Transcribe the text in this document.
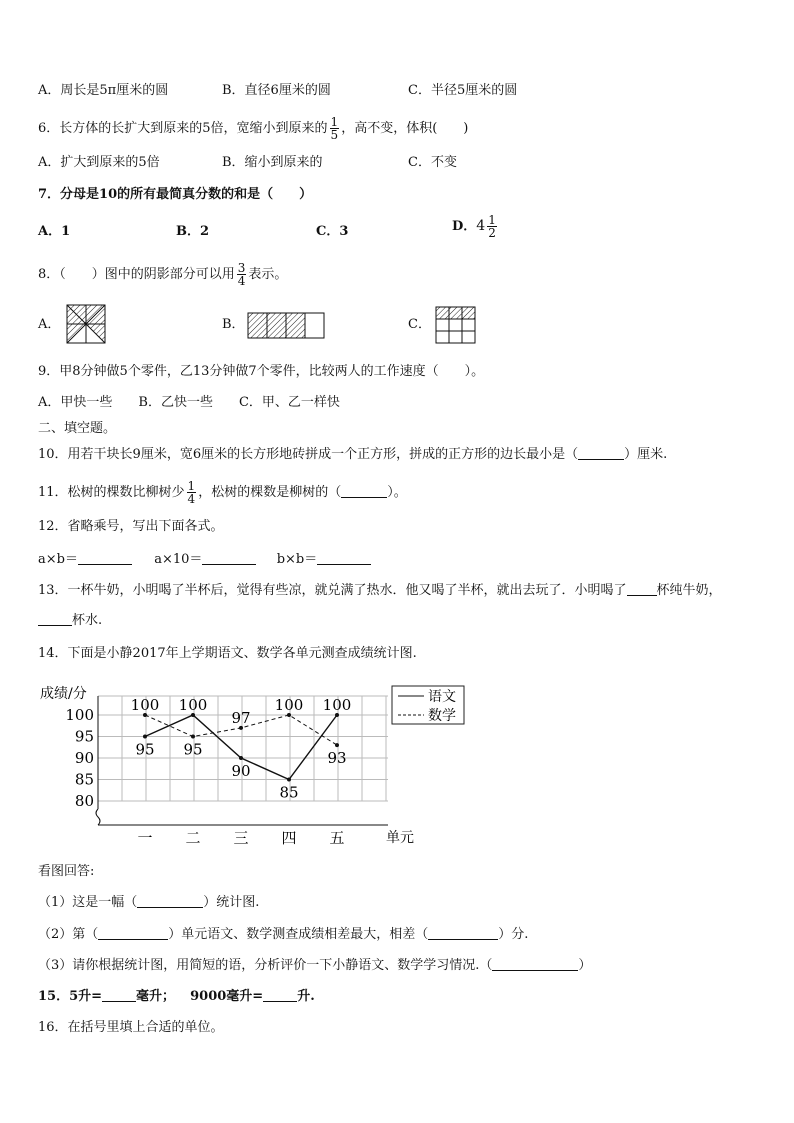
A．周长是5π厘米的圆	B．直径6厘米的圆	C．半径5厘米的圆
6．长方体的长扩大到原来的5倍，宽缩小到原来的 $\frac{1}{5}$ ，高不变，体积(　　)
A．扩大到原来的5倍	B．缩小到原来的	C．不变
7．分母是10的所有最简真分数的和是（　　）
A．1	B．2	C．3	D．$4 \frac{1}{2}$
8．（　　）图中的阴影部分可以用 $\frac{3}{4}$ 表示。
A．	B．	C．
9．甲8分钟做5个零件，乙13分钟做7个零件，比较两人的工作速度（　　）。
A．甲快一些　　B．乙快一些　　C．甲、乙一样快
二、填空题。
10．用若干块长9厘米，宽6厘米的长方形地砖拼成一个正方形，拼成的正方形的边长最小是（	）厘米.
11．松树的棵数比柳树少 $\frac{1}{4}$ ，松树的棵数是柳树的（	）。
12．省略乘号，写出下面各式。
a×b＝	a×10＝	b×b＝
13．一杯牛奶，小明喝了半杯后，觉得有些凉，就兑满了热水．他又喝了半杯，就出去玩了．小明喝了 杯纯牛奶，
杯水.
14．下面是小静2017年上学期语文、数学各单元测查成绩统计图.
100
95
90
85
80
一 二 三 四 五
100
95
100
95
97
90
100
85
100
93
成绩/分
单元
语文
数学
看图回答:
（1）这是一幅（	）统计图.
（2）第（	）单元语文、数学测查成绩相差最大，相差（	）分.
（3）请你根据统计图，用简短的语，分析评价一下小静语文、数学学习情况.（	）
15．5升=	毫升； 9000毫升=	升.
16．在括号里填上合适的单位。
